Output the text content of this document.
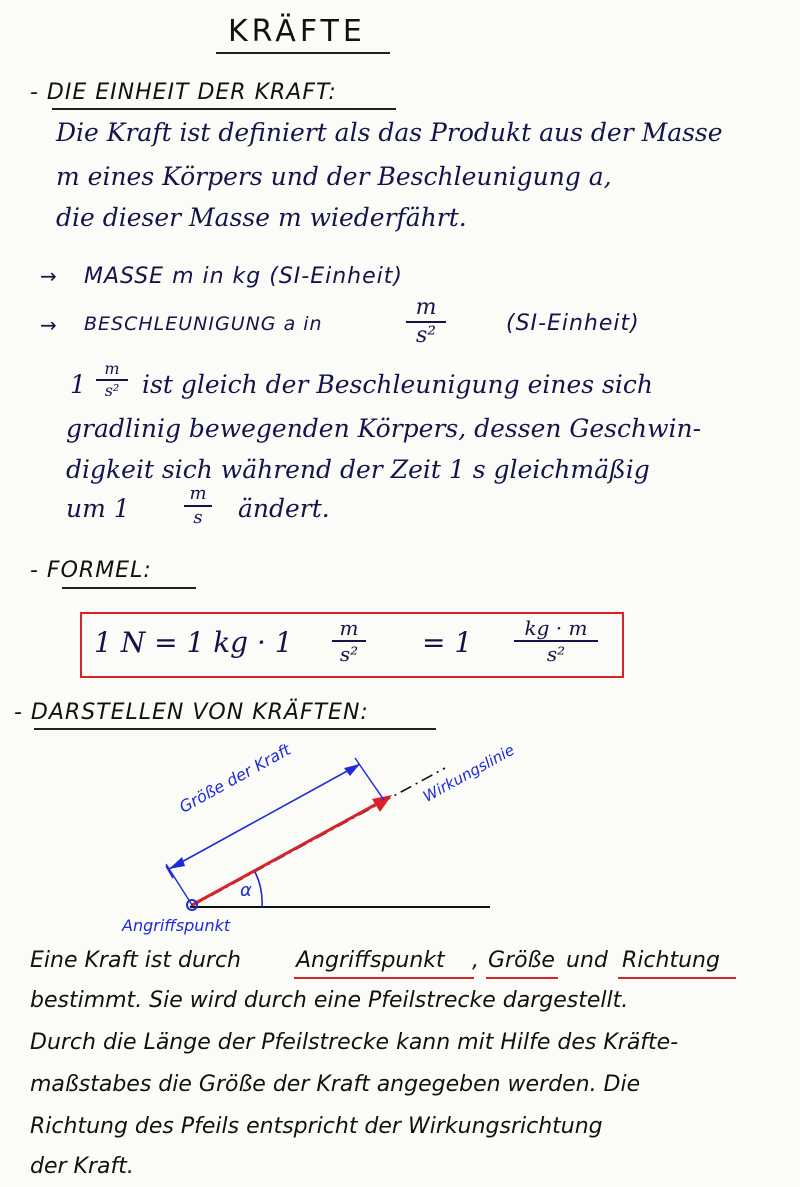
KRÄFTE
- DIE EINHEIT DER KRAFT:
Die Kraft ist definiert als das Produkt aus der Masse
m eines Körpers und der Beschleunigung a,
die dieser Masse m wiederfährt.
→ MASSE m in kg (SI-Einheit)
→ BESCHLEUNIGUNG a in
m
s²	(SI-Einheit)
1
m
s² ist gleich der Beschleunigung eines sich
gradlinig bewegenden Körpers, dessen Geschwin-
digkeit sich während der Zeit 1 s gleichmäßig
um 1
m
s	ändert.
- FORMEL:
1 N = 1 kg · 1	m
s² = 1	kg · m
s²
- DARSTELLEN VON KRÄFTEN:
Größe der Kraft	Wirkungslinie
Angriffspunkt
α
Eine Kraft ist durch	Angriffspunkt , Größe und Richtung
bestimmt. Sie wird durch eine Pfeilstrecke dargestellt.
Durch die Länge der Pfeilstrecke kann mit Hilfe des Kräfte-
maßstabes die Größe der Kraft angegeben werden. Die
Richtung des Pfeils entspricht der Wirkungsrichtung
der Kraft.
